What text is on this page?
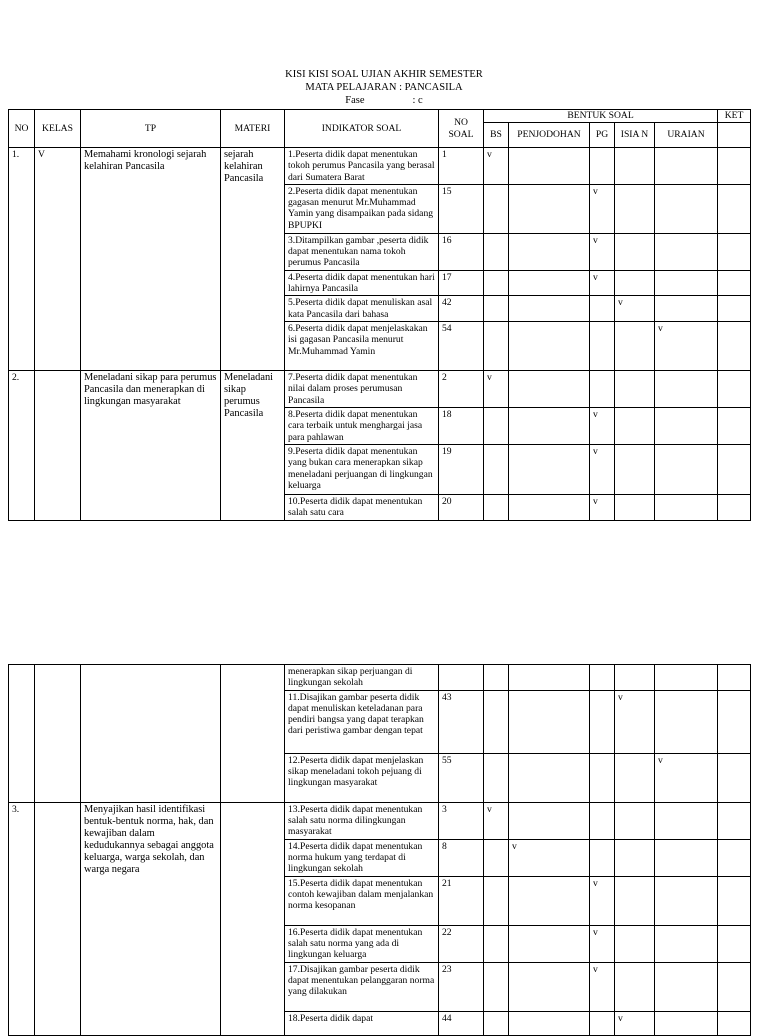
KISI KISI SOAL UJIAN AKHIR SEMESTER
MATA PELAJARAN : PANCASILA
Fase	: c
NO	KELAS	TP	MATERI	INDIKATOR SOAL	NO SOAL	BENTUK SOAL					KET
						BS	PENJODOHAN	PG	ISIA N	URAIAN	
1.	V	Memahami kronologi sejarah kelahiran Pancasila	sejarah kelahiran Pancasila	1.Peserta didik dapat menentukan tokoh perumus Pancasila yang berasal dari Sumatera Barat	1	v					
				2.Peserta didik dapat menentukan gagasan menurut Mr.Muhammad Yamin yang disampaikan pada sidang BPUPKI	15			v			
				3.Ditampilkan gambar ,peserta didik dapat menentukan nama tokoh perumus Pancasila	16			v			
				4.Peserta didik dapat menentukan hari lahirnya Pancasila	17			v			
				5.Peserta didik dapat menuliskan asal kata Pancasila dari bahasa	42				v		
				6.Peserta didik dapat menjelaskakan isi gagasan Pancasila menurut Mr.Muhammad Yamin	54					v	
2.		Meneladani sikap para perumus Pancasila dan menerapkan di lingkungan masyarakat	Meneladani sikap perumus Pancasila	7.Peserta didik dapat menentukan nilai dalam proses perumusan Pancasila	2	v					
				8.Peserta didik dapat menentukan cara terbaik untuk menghargai jasa para pahlawan	18			v			
				9.Peserta didik dapat menentukan yang bukan cara menerapkan sikap meneladani perjuangan di lingkungan keluarga	19			v			
				10.Peserta didik dapat menentukan salah satu cara	20			v			
				menerapkan sikap perjuangan di lingkungan sekolah							
				11.Disajikan gambar peserta didik dapat menuliskan keteladanan para pendiri bangsa yang dapat terapkan dari peristiwa gambar dengan tepat	43				v		
				12.Peserta didik dapat menjelaskan sikap meneladani tokoh pejuang di lingkungan masyarakat	55					v	
3.		Menyajikan hasil identifikasi bentuk-bentuk norma, hak, dan kewajiban dalam kedudukannya sebagai anggota keluarga, warga sekolah, dan warga negara		13.Peserta didik dapat menentukan salah satu norma dilingkungan masyarakat	3	v					
				14.Peserta didik dapat menentukan norma hukum yang terdapat di lingkungan sekolah	8		v				
				15.Peserta didik dapat menentukan contoh kewajiban dalam menjalankan norma kesopanan	21			v			
				16.Peserta didik dapat menentukan salah satu norma yang ada di lingkungan keluarga	22			v			
				17.Disajikan gambar peserta didik dapat menentukan pelanggaran norma yang dilakukan	23			v			
				18.Peserta didik dapat	44				v		
